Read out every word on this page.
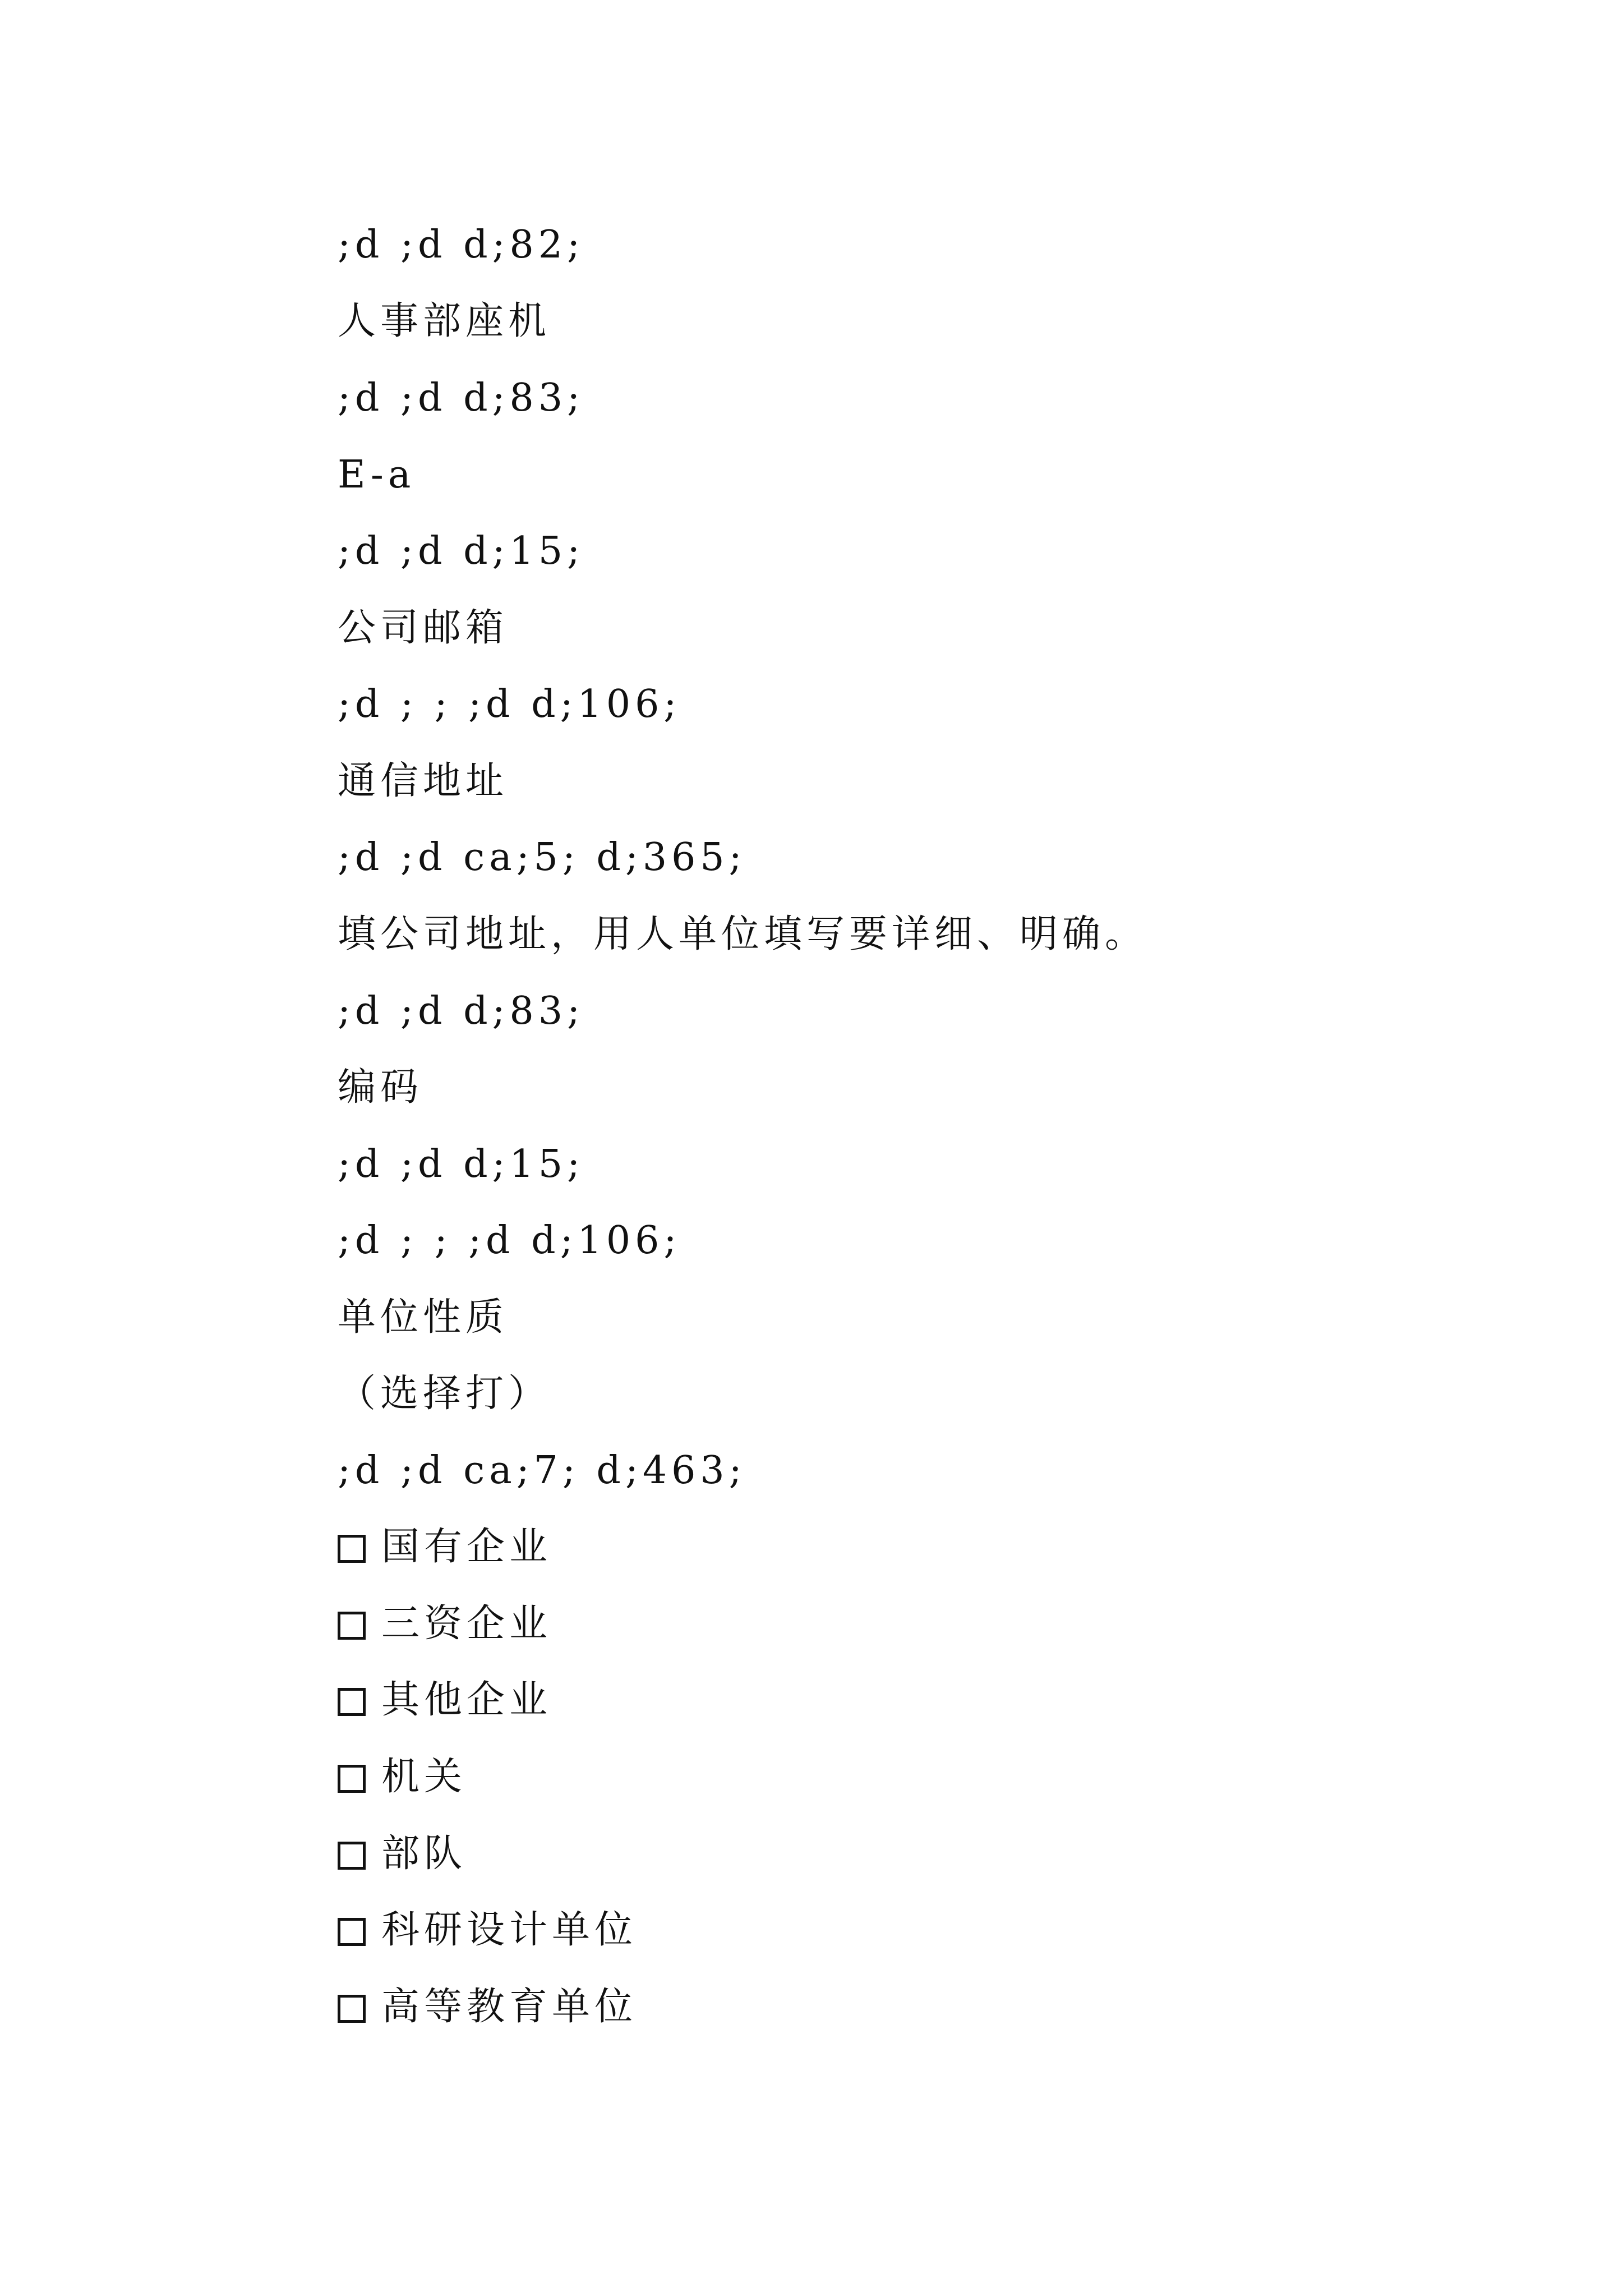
;d ;d d;82;
人事部座机
;d ;d d;83;
E-a
;d ;d d;15;
公司邮箱
;d ; ; ;d d;106;
通信地址
;d ;d ca;5; d;365;
填公司地址，用人单位填写要详细、明确。
;d ;d d;83;
编码
;d ;d d;15;
;d ; ; ;d d;106;
单位性质
（选择打）
;d ;d ca;7; d;463;
国有企业
三资企业
其他企业
机关
部队
科研设计单位
高等教育单位
